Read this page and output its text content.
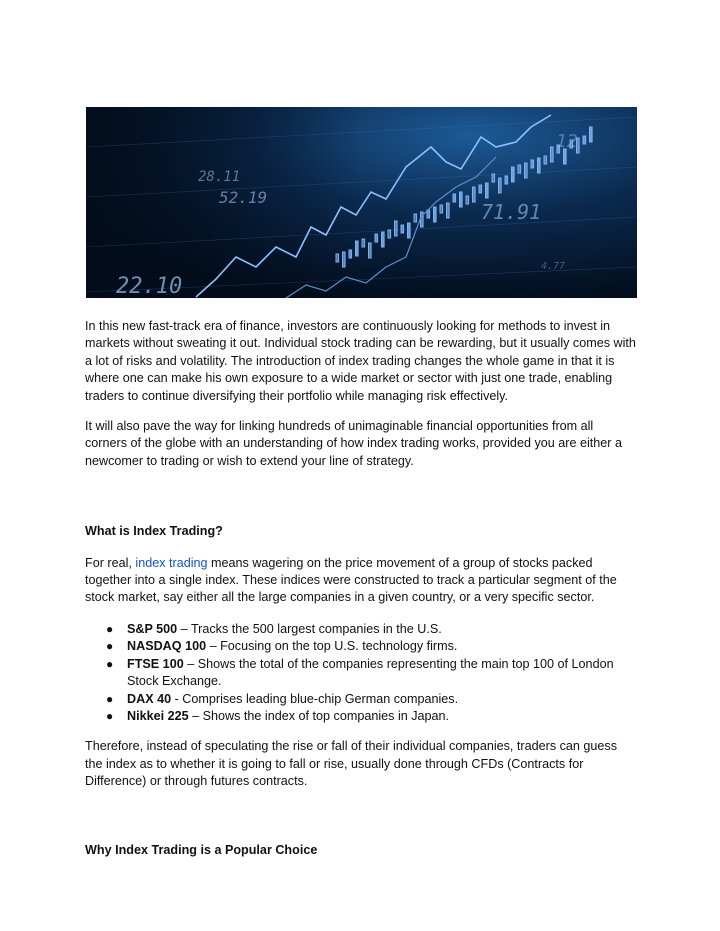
28.11
52.19
22.10
71.91
12
4.77

In this new fast-track era of finance, investors are continuously looking for methods to invest in markets without sweating it out. Individual stock trading can be rewarding, but it usually comes with a lot of risks and volatility. The introduction of index trading changes the whole game in that it is where one can make his own exposure to a wide market or sector with just one trade, enabling traders to continue diversifying their portfolio while managing risk effectively.

It will also pave the way for linking hundreds of unimaginable financial opportunities from all corners of the globe with an understanding of how index trading works, provided you are either a newcomer to trading or wish to extend your line of strategy.

What is Index Trading?

For real, index trading means wagering on the price movement of a group of stocks packed together into a single index. These indices were constructed to track a particular segment of the stock market, say either all the large companies in a given country, or a very specific sector.

● S&P 500 – Tracks the 500 largest companies in the U.S.
● NASDAQ 100 – Focusing on the top U.S. technology firms.
● FTSE 100 – Shows the total of the companies representing the main top 100 of London Stock Exchange.
● DAX 40 - Comprises leading blue-chip German companies.
● Nikkei 225 – Shows the index of top companies in Japan.

Therefore, instead of speculating the rise or fall of their individual companies, traders can guess the index as to whether it is going to fall or rise, usually done through CFDs (Contracts for Difference) or through futures contracts.

Why Index Trading is a Popular Choice
